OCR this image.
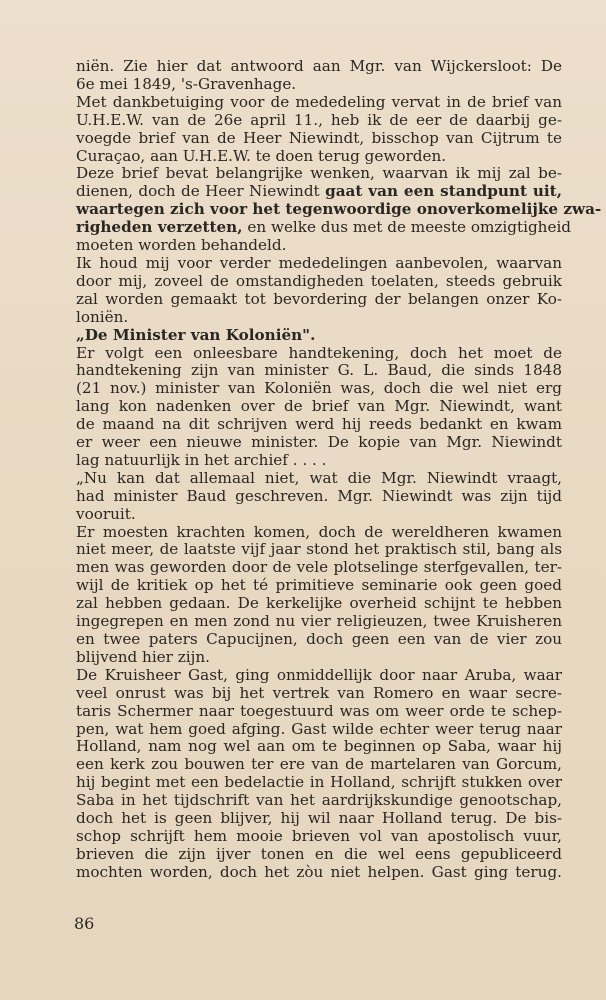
niën. Zie hier dat antwoord aan Mgr. van Wijckersloot: De
6e mei 1849, 's-Gravenhage.
Met dankbetuiging voor de mededeling vervat in de brief van
U.H.E.W. van de 26e april 11., heb ik de eer de daarbij ge-
voegde brief van de Heer Niewindt, bisschop van Cijtrum te
Curaçao, aan U.H.E.W. te doen terug geworden.
Deze brief bevat belangrijke wenken, waarvan ik mij zal be-
dienen, doch de Heer Niewindt gaat van een standpunt uit,
waartegen zich voor het tegenwoordige onoverkomelijke zwa-
righeden verzetten, en welke dus met de meeste omzigtigheid
moeten worden behandeld.
Ik houd mij voor verder mededelingen aanbevolen, waarvan
door mij, zoveel de omstandigheden toelaten, steeds gebruik
zal worden gemaakt tot bevordering der belangen onzer Ko-
loniën.
„De Minister van Koloniën".
Er volgt een onleesbare handtekening, doch het moet de
handtekening zijn van minister G. L. Baud, die sinds 1848
(21 nov.) minister van Koloniën was, doch die wel niet erg
lang kon nadenken over de brief van Mgr. Niewindt, want
de maand na dit schrijven werd hij reeds bedankt en kwam
er weer een nieuwe minister. De kopie van Mgr. Niewindt
lag natuurlijk in het archief . . . .
„Nu kan dat allemaal niet, wat die Mgr. Niewindt vraagt,
had minister Baud geschreven. Mgr. Niewindt was zijn tijd
vooruit.
Er moesten krachten komen, doch de wereldheren kwamen
niet meer, de laatste vijf jaar stond het praktisch stil, bang als
men was geworden door de vele plotselinge sterfgevallen, ter-
wijl de kritiek op het té primitieve seminarie ook geen goed
zal hebben gedaan. De kerkelijke overheid schijnt te hebben
ingegrepen en men zond nu vier religieuzen, twee Kruisheren
en twee paters Capucijnen, doch geen een van de vier zou
blijvend hier zijn.
De Kruisheer Gast, ging onmiddellijk door naar Aruba, waar
veel onrust was bij het vertrek van Romero en waar secre-
taris Schermer naar toegestuurd was om weer orde te schep-
pen, wat hem goed afging. Gast wilde echter weer terug naar
Holland, nam nog wel aan om te beginnen op Saba, waar hij
een kerk zou bouwen ter ere van de martelaren van Gorcum,
hij begint met een bedelactie in Holland, schrijft stukken over
Saba in het tijdschrift van het aardrijkskundige genootschap,
doch het is geen blijver, hij wil naar Holland terug. De bis-
schop schrijft hem mooie brieven vol van apostolisch vuur,
brieven die zijn ijver tonen en die wel eens gepubliceerd
mochten worden, doch het zòu niet helpen. Gast ging terug.
86
